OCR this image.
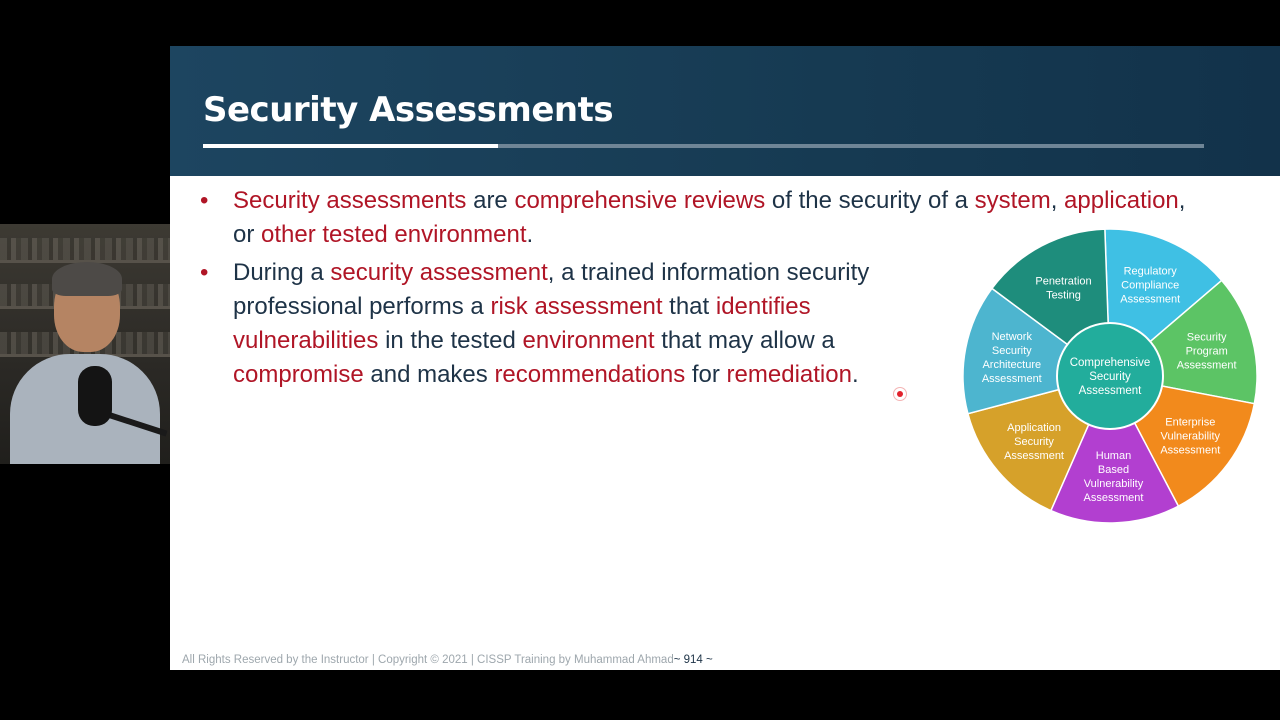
Security Assessments
• Security assessments are comprehensive reviews of the security of a system, application, or other tested environment.
• During a security assessment, a trained information security professional performs a risk assessment that identifies vulnerabilities in the tested environment that may allow a compromise and makes recommendations for remediation.
Regulatory Compliance Assessment
Security Program Assessment
Enterprise Vulnerability Assessment
Human Based Vulnerability Assessment
Application Security Assessment
Network Security Architecture Assessment
Penetration Testing
Comprehensive Security Assessment
All Rights Reserved by the Instructor | Copyright © 2021 | CISSP Training by Muhammad Ahmad~ 914 ~
